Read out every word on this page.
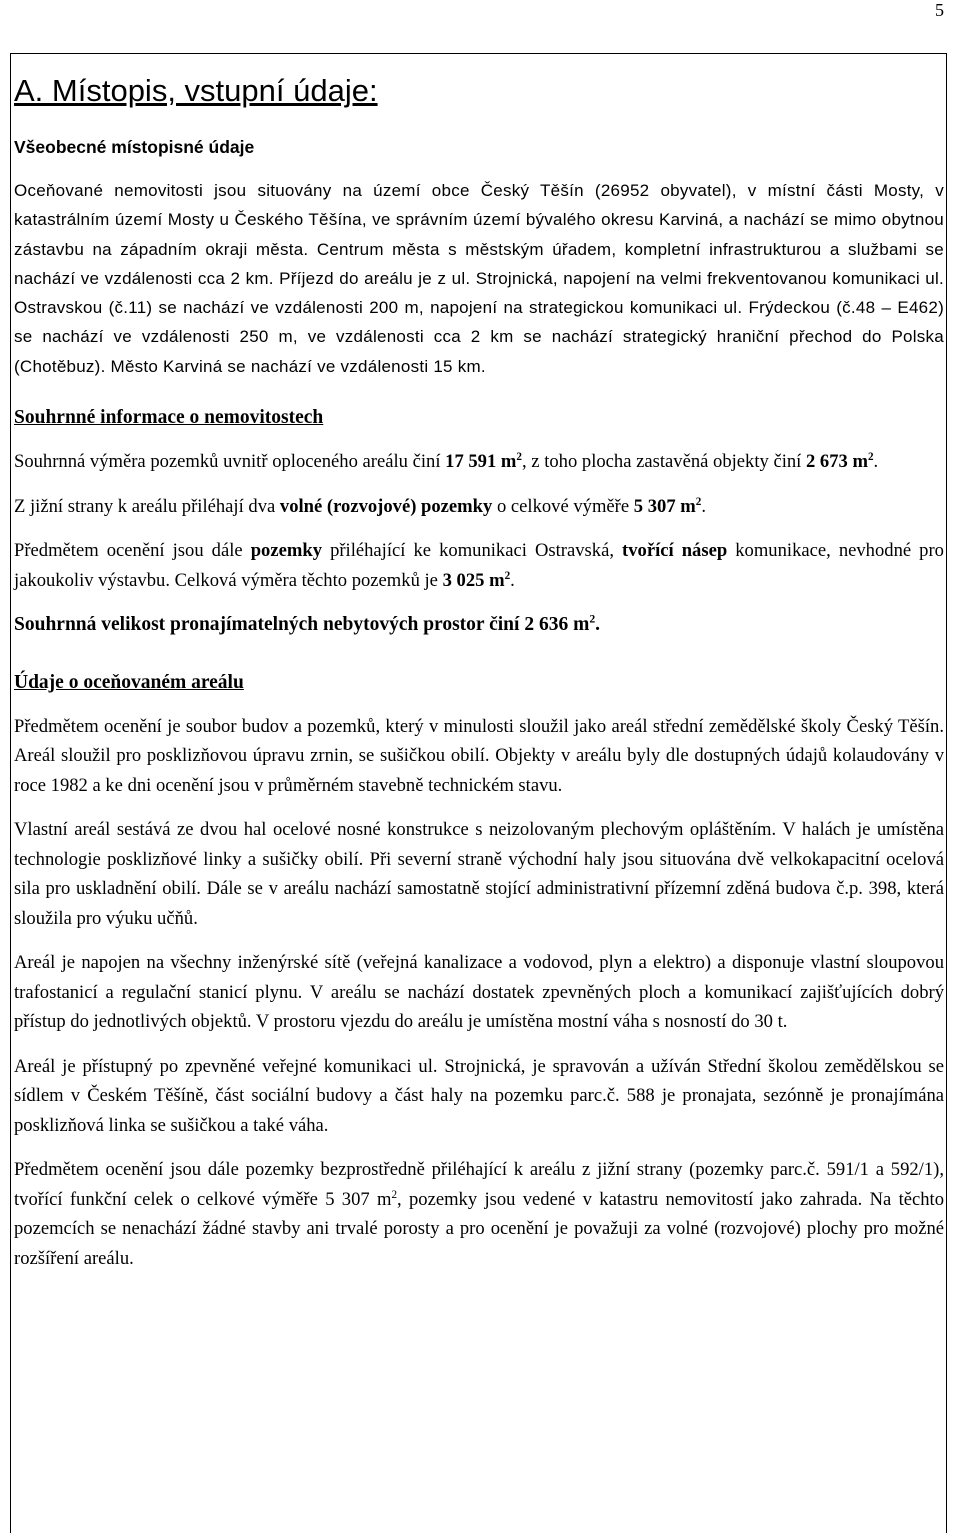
5
A. Místopis, vstupní údaje:
Všeobecné místopisné údaje

Oceňované nemovitosti jsou situovány na území obce Český Těšín (26952 obyvatel), v místní části Mosty, v katastrálním území Mosty u Českého Těšína, ve správním území bývalého okresu Karviná, a nachází se mimo obytnou zástavbu na západním okraji města. Centrum města s městským úřadem, kompletní infrastrukturou a službami se nachází ve vzdálenosti cca 2 km. Příjezd do areálu je z ul. Strojnická, napojení na velmi frekventovanou komunikaci ul. Ostravskou (č.11) se nachází ve vzdálenosti 200 m, napojení na strategickou komunikaci ul. Frýdeckou (č.48 – E462) se nachází ve vzdálenosti 250 m, ve vzdálenosti cca 2 km se nachází strategický hraniční přechod do Polska (Chotěbuz). Město Karviná se nachází ve vzdálenosti 15 km.

Souhrnné informace o nemovitostech

Souhrnná výměra pozemků uvnitř oploceného areálu činí 17 591 $m^2$, z toho plocha zastavěná objekty činí 2 673 $m^2$.

Z jižní strany k areálu přiléhají dva volné (rozvojové) pozemky o celkové výměře 5 307 $m^2$.

Předmětem ocenění jsou dále pozemky přiléhající ke komunikaci Ostravská, tvořící násep komunikace, nevhodné pro jakoukoliv výstavbu. Celková výměra těchto pozemků je 3 025 $m^2$.

Souhrnná velikost pronajímatelných nebytových prostor činí 2 636 $m^2$.

Údaje o oceňovaném areálu

Předmětem ocenění je soubor budov a pozemků, který v minulosti sloužil jako areál střední zemědělské školy Český Těšín. Areál sloužil pro posklizňovou úpravu zrnin, se sušičkou obilí. Objekty v areálu byly dle dostupných údajů kolaudovány v roce 1982 a ke dni ocenění jsou v průměrném stavebně technickém stavu.

Vlastní areál sestává ze dvou hal ocelové nosné konstrukce s neizolovaným plechovým opláštěním. V halách je umístěna technologie posklizňové linky a sušičky obilí. Při severní straně východní haly jsou situována dvě velkokapacitní ocelová sila pro uskladnění obilí. Dále se v areálu nachází samostatně stojící administrativní přízemní zděná budova č.p. 398, která sloužila pro výuku učňů.

Areál je napojen na všechny inženýrské sítě (veřejná kanalizace a vodovod, plyn a elektro) a disponuje vlastní sloupovou trafostanicí a regulační stanicí plynu. V areálu se nachází dostatek zpevněných ploch a komunikací zajišťujících dobrý přístup do jednotlivých objektů. V prostoru vjezdu do areálu je umístěna mostní váha s nosností do 30 t.

Areál je přístupný po zpevněné veřejné komunikaci ul. Strojnická, je spravován a užíván Střední školou zemědělskou se sídlem v Českém Těšíně, část sociální budovy a část haly na pozemku parc.č. 588 je pronajata, sezónně je pronajímána posklizňová linka se sušičkou a také váha.

Předmětem ocenění jsou dále pozemky bezprostředně přiléhající k areálu z jižní strany (pozemky parc.č. 591/1 a 592/1), tvořící funkční celek o celkové výměře 5 307 $m^2$, pozemky jsou vedené v katastru nemovitostí jako zahrada. Na těchto pozemcích se nenachází žádné stavby ani trvalé porosty a pro ocenění je považuji za volné (rozvojové) plochy pro možné rozšíření areálu.
